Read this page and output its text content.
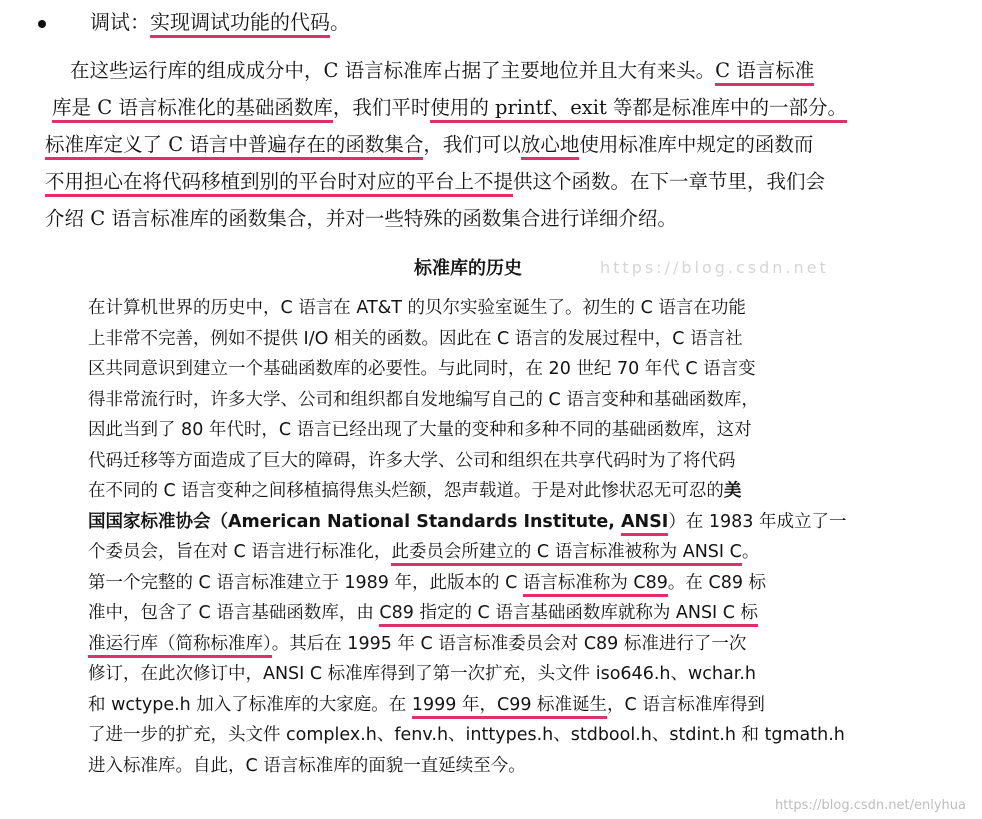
调试：实现调试功能的代码。
在这些运行库的组成成分中，C 语言标准库占据了主要地位并且大有来头。C 语言标准
库是 C 语言标准化的基础函数库，我们平时使用的 printf、exit 等都是标准库中的一部分。
标准库定义了 C 语言中普遍存在的函数集合，我们可以放心地使用标准库中规定的函数而
不用担心在将代码移植到别的平台时对应的平台上不提供这个函数。在下一章节里，我们会
介绍 C 语言标准库的函数集合，并对一些特殊的函数集合进行详细介绍。
标准库的历史	https://blog.csdn.net
在计算机世界的历史中，C 语言在 AT&T 的贝尔实验室诞生了。初生的 C 语言在功能
上非常不完善，例如不提供 I/O 相关的函数。因此在 C 语言的发展过程中，C 语言社
区共同意识到建立一个基础函数库的必要性。与此同时，在 20 世纪 70 年代 C 语言变
得非常流行时，许多大学、公司和组织都自发地编写自己的 C 语言变种和基础函数库，
因此当到了 80 年代时，C 语言已经出现了大量的变种和多种不同的基础函数库，这对
代码迁移等方面造成了巨大的障碍，许多大学、公司和组织在共享代码时为了将代码
在不同的 C 语言变种之间移植搞得焦头烂额，怨声载道。于是对此惨状忍无可忍的美
国国家标准协会（American National Standards Institute, ANSI）在 1983 年成立了一
个委员会，旨在对 C 语言进行标准化，此委员会所建立的 C 语言标准被称为 ANSI C。
第一个完整的 C 语言标准建立于 1989 年，此版本的 C 语言标准称为 C89。在 C89 标
准中，包含了 C 语言基础函数库，由 C89 指定的 C 语言基础函数库就称为 ANSI C 标
准运行库（简称标准库）。其后在 1995 年 C 语言标准委员会对 C89 标准进行了一次
修订，在此次修订中，ANSI C 标准库得到了第一次扩充，头文件 iso646.h、wchar.h
和 wctype.h 加入了标准库的大家庭。在 1999 年，C99 标准诞生，C 语言标准库得到
了进一步的扩充，头文件 complex.h、fenv.h、inttypes.h、stdbool.h、stdint.h 和 tgmath.h
进入标准库。自此，C 语言标准库的面貌一直延续至今。
https://blog.csdn.net/enlyhua
